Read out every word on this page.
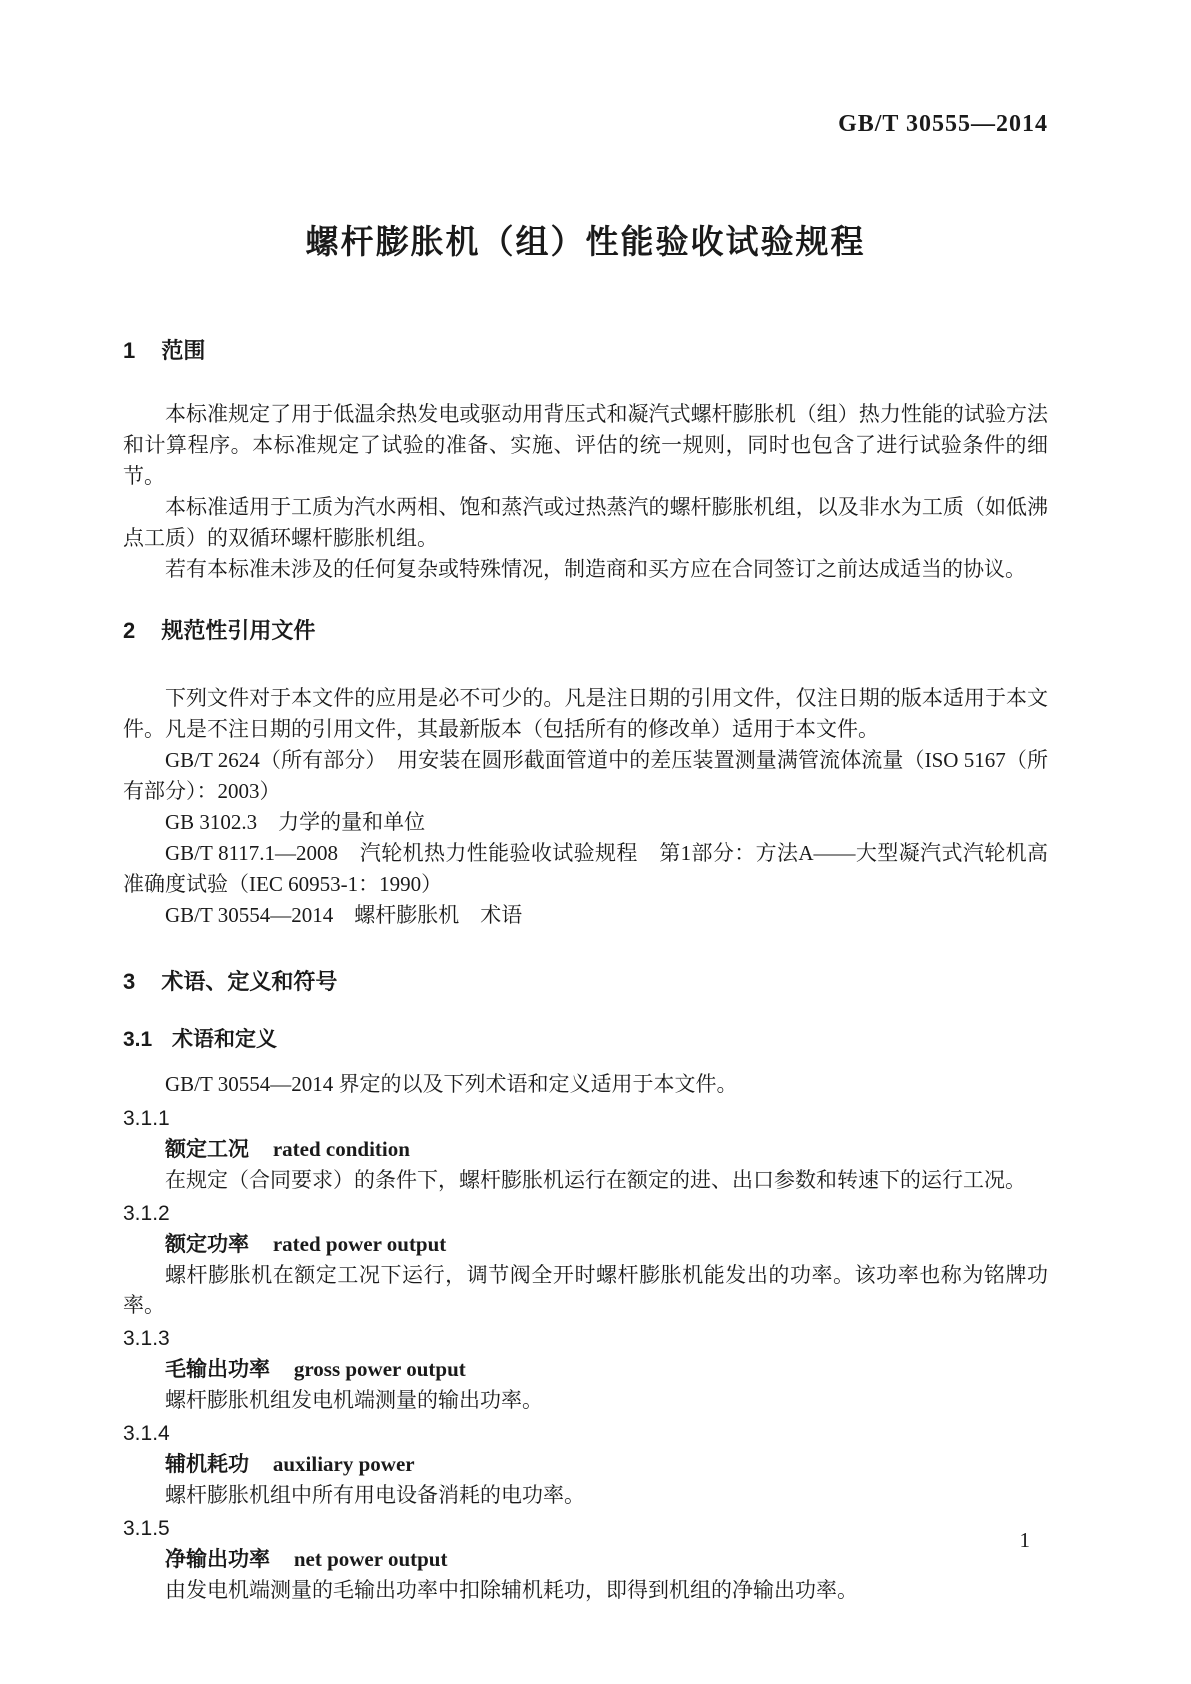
GB/T 30555—2014
螺杆膨胀机（组）性能验收试验规程
1 范围

本标准规定了用于低温余热发电或驱动用背压式和凝汽式螺杆膨胀机（组）热力性能的试验方法和计算程序。本标准规定了试验的准备、实施、评估的统一规则，同时也包含了进行试验条件的细节。

本标准适用于工质为汽水两相、饱和蒸汽或过热蒸汽的螺杆膨胀机组，以及非水为工质（如低沸点工质）的双循环螺杆膨胀机组。

若有本标准未涉及的任何复杂或特殊情况，制造商和买方应在合同签订之前达成适当的协议。

2 规范性引用文件

下列文件对于本文件的应用是必不可少的。凡是注日期的引用文件，仅注日期的版本适用于本文件。凡是不注日期的引用文件，其最新版本（包括所有的修改单）适用于本文件。

GB/T 2624（所有部分）　用安装在圆形截面管道中的差压装置测量满管流体流量（ISO 5167（所有部分）：2003）

GB 3102.3　力学的量和单位

GB/T 8117.1—2008　汽轮机热力性能验收试验规程　第1部分：方法A——大型凝汽式汽轮机高准确度试验（IEC 60953-1：1990）

GB/T 30554—2014　螺杆膨胀机　术语

3 术语、定义和符号
3.1 术语和定义

GB/T 30554—2014 界定的以及下列术语和定义适用于本文件。

3.1.1
额定工况 rated condition

在规定（合同要求）的条件下，螺杆膨胀机运行在额定的进、出口参数和转速下的运行工况。

3.1.2
额定功率 rated power output

螺杆膨胀机在额定工况下运行，调节阀全开时螺杆膨胀机能发出的功率。该功率也称为铭牌功率。

3.1.3
毛输出功率 gross power output

螺杆膨胀机组发电机端测量的输出功率。

3.1.4
辅机耗功 auxiliary power

螺杆膨胀机组中所有用电设备消耗的电功率。

3.1.5
净输出功率 net power output

由发电机端测量的毛输出功率中扣除辅机耗功，即得到机组的净输出功率。

1
